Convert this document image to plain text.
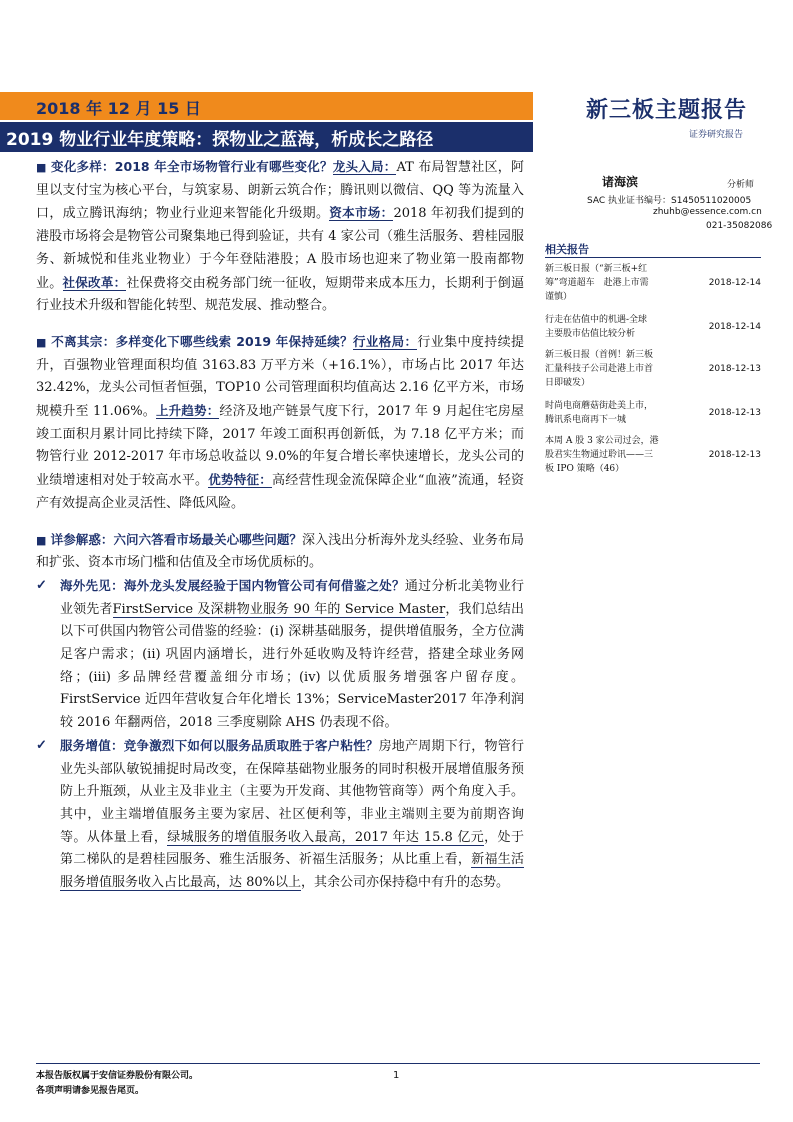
2018 年 12 月 15 日
2019 物业行业年度策略：探物业之蓝海，析成长之路径
新三板主题报告
证券研究报告
诸海滨	分析师
SAC 执业证书编号：S1450511020005
zhuhb@essence.com.cn
021-35082086
相关报告
新三板日报（“新三板+红
筹”弯道超车　赴港上市需
谨慎）
2018-12-14
行走在估值中的机遇-全球
主要股市估值比较分析
2018-12-14
新三板日报（首例！新三板
汇量科技子公司赴港上市首
日即破发）
2018-12-13
时尚电商蘑菇街赴美上市，
腾讯系电商再下一城
2018-12-13
本周 A 股 3 家公司过会，港
股君实生物通过聆讯——三
板 IPO 策略（46）
2018-12-13

■ 变化多样：2018 年全市场物管行业有哪些变化？龙头入局：AT 布局智慧社区，阿里以支付宝为核心平台，与筑家易、朗新云筑合作；腾讯则以微信、QQ 等为流量入口，成立腾讯海纳；物业行业迎来智能化升级期。资本市场：2018 年初我们提到的港股市场将会是物管公司聚集地已得到验证，共有 4 家公司（雅生活服务、碧桂园服务、新城悦和佳兆业物业）于今年登陆港股；A 股市场也迎来了物业第一股南都物业。社保改革：社保费将交由税务部门统一征收，短期带来成本压力，长期利于倒逼行业技术升级和智能化转型、规范发展、推动整合。

■ 不离其宗：多样变化下哪些线索 2019 年保持延续？行业格局：行业集中度持续提升，百强物业管理面积均值 3163.83 万平方米（+16.1%），市场占比 2017 年达 32.42%，龙头公司恒者恒强，TOP10 公司管理面积均值高达 2.16 亿平方米，市场规模升至 11.06%。上升趋势：经济及地产链景气度下行，2017 年 9 月起住宅房屋竣工面积月累计同比持续下降，2017 年竣工面积再创新低，为 7.18 亿平方米；而物管行业 2012-2017 年市场总收益以 9.0%的年复合增长率快速增长，龙头公司的业绩增速相对处于较高水平。优势特征：高经营性现金流保障企业“血液”流通，轻资产有效提高企业灵活性、降低风险。

■ 详参解惑：六问六答看市场最关心哪些问题？深入浅出分析海外龙头经验、业务布局和扩张、资本市场门槛和估值及全市场优质标的。

✓	海外先见：海外龙头发展经验于国内物管公司有何借鉴之处？通过分析北美物业行业领先者FirstService 及深耕物业服务 90 年的 Service Master，我们总结出以下可供国内物管公司借鉴的经验：(i) 深耕基础服务，提供增值服务，全方位满足客户需求；(ii) 巩固内涵增长，进行外延收购及特许经营，搭建全球业务网络；(iii) 多品牌经营覆盖细分市场；(iv) 以优质服务增强客户留存度。FirstService 近四年营收复合年化增长 13%；ServiceMaster2017 年净利润较 2016 年翻两倍，2018 三季度剔除 AHS 仍表现不俗。

✓	服务增值：竞争激烈下如何以服务品质取胜于客户粘性？房地产周期下行，物管行业先头部队敏锐捕捉时局改变，在保障基础物业服务的同时积极开展增值服务预防上升瓶颈，从业主及非业主（主要为开发商、其他物管商等）两个角度入手。其中，业主端增值服务主要为家居、社区便利等，非业主端则主要为前期咨询等。从体量上看，绿城服务的增值服务收入最高，2017 年达 15.8 亿元，处于第二梯队的是碧桂园服务、雅生活服务、祈福生活服务；从比重上看，新福生活服务增值服务收入占比最高，达 80%以上，其余公司亦保持稳中有升的态势。

本报告版权属于安信证券股份有限公司。
各项声明请参见报告尾页。
1
